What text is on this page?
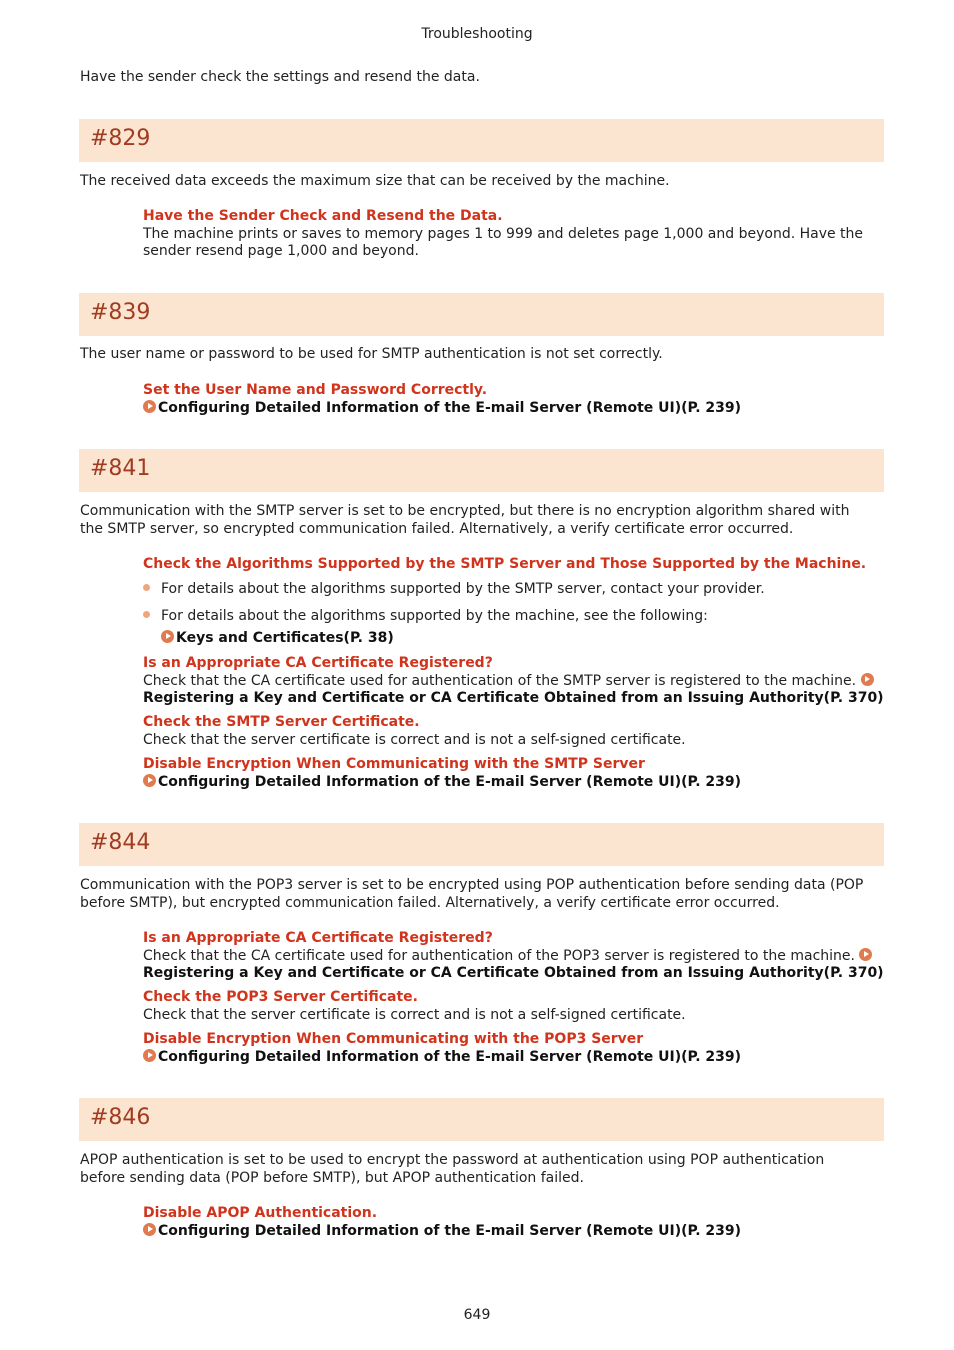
Troubleshooting
Have the sender check the settings and resend the data.
#829
The received data exceeds the maximum size that can be received by the machine.
Have the Sender Check and Resend the Data.
The machine prints or saves to memory pages 1 to 999 and deletes page 1,000 and beyond. Have the sender resend page 1,000 and beyond.
#839
The user name or password to be used for SMTP authentication is not set correctly.
Set the User Name and Password Correctly.
Configuring Detailed Information of the E-mail Server (Remote UI)(P. 239)
#841
Communication with the SMTP server is set to be encrypted, but there is no encryption algorithm shared with the SMTP server, so encrypted communication failed. Alternatively, a verify certificate error occurred.
Check the Algorithms Supported by the SMTP Server and Those Supported by the Machine.
For details about the algorithms supported by the SMTP server, contact your provider.
For details about the algorithms supported by the machine, see the following:
Keys and Certificates(P. 38)
Is an Appropriate CA Certificate Registered?
Check that the CA certificate used for authentication of the SMTP server is registered to the machine.
Registering a Key and Certificate or CA Certificate Obtained from an Issuing Authority(P. 370)
Check the SMTP Server Certificate.
Check that the server certificate is correct and is not a self-signed certificate.
Disable Encryption When Communicating with the SMTP Server
Configuring Detailed Information of the E-mail Server (Remote UI)(P. 239)
#844
Communication with the POP3 server is set to be encrypted using POP authentication before sending data (POP before SMTP), but encrypted communication failed. Alternatively, a verify certificate error occurred.
Is an Appropriate CA Certificate Registered?
Check that the CA certificate used for authentication of the POP3 server is registered to the machine.
Registering a Key and Certificate or CA Certificate Obtained from an Issuing Authority(P. 370)
Check the POP3 Server Certificate.
Check that the server certificate is correct and is not a self-signed certificate.
Disable Encryption When Communicating with the POP3 Server
Configuring Detailed Information of the E-mail Server (Remote UI)(P. 239)
#846
APOP authentication is set to be used to encrypt the password at authentication using POP authentication before sending data (POP before SMTP), but APOP authentication failed.
Disable APOP Authentication.
Configuring Detailed Information of the E-mail Server (Remote UI)(P. 239)
649
